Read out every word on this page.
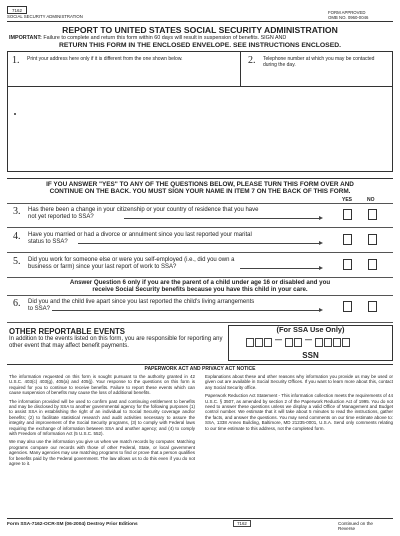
7162
SOCIAL SECURITY ADMINISTRATION
FORM APPROVED
OMB NO. 0960-0046
REPORT TO UNITED STATES SOCIAL SECURITY ADMINISTRATION
IMPORTANT: Failure to complete and return this form within 60 days will result in suspension of benefits. SIGN AND
RETURN THIS FORM IN THE ENCLOSED ENVELOPE. SEE INSTRUCTIONS ENCLOSED.
1. Print your address here only if it is different from the one shown below.	2. Telephone number at which you may be contacted during the day.
IF YOU ANSWER "YES" TO ANY OF THE QUESTIONS BELOW, PLEASE TURN THIS FORM OVER AND
CONTINUE ON THE BACK. YOU MUST SIGN YOUR NAME IN ITEM 7 ON THE BACK OF THIS FORM.
YES	NO
3. Has there been a change in your citizenship or your country of residence that you have
not yet reported to SSA?
4. Have you married or had a divorce or annulment since you last reported your marital
status to SSA?
5. Did you work for someone else or were you self-employed (i.e., did you own a
business or farm) since your last report of work to SSA?
Answer Question 6 only if you are the parent of a child under age 16 or disabled and you
receive Social Security benefits because you have this child in your care.
6. Did you and the child live apart since you last reported the child's living arrangements
to SSA?
OTHER REPORTABLE EVENTS
In addition to the events listed on this form, you are responsible for reporting any other event that may affect benefit payments.
(For SSA Use Only)
—	—
SSN
PAPERWORK ACT AND PRIVACY ACT NOTICE

The information requested on this form is sought pursuant to the authority granted in 42 U.S.C. 403(c) 403(g), 405(a) and 405(j). Your response to the questions on this form is required for you to continue to receive benefits. Failure to report these events which can cause suspension of benefits may cause the loss of additional benefits.

The information provided will be used to confirm past and continuing entitlement to benefits and may be disclosed by SSA to another governmental agency for the following purposes (1) to assist SSA in establishing the right of an individual to Social Security coverage and/or benefits; (2) to facilitate statistical research and audit activities necessary to assure the integrity and improvement of the Social Security programs, (3) to comply with Federal laws requiring the exchange of information between SSA and another agency; and (4) to comply with Freedom of Information Act (5 U.S.C. 552).

We may also use the information you give us when we match records by computer. Matching programs compare our records with those of other Federal, State, or local government agencies. Many agencies may use matching programs to find or prove that a person qualifies for benefits paid by the Federal government. The law allows us to do this even if you do not agree to it.

Explanations about these and other reasons why information you provide us may be used or given out are available in Social Security Offices. If you want to learn more about this, contact any Social Security office.

Paperwork Reduction Act Statement - This information collection meets the requirements of 44 U.S.C. § 3507, as amended by section 2 of the Paperwork Reduction Act of 1995. You do not need to answer these questions unless we display a valid Office of Management and Budget control number. We estimate that it will take about 5 minutes to read the instructions, gather the facts, and answer the questions. You may send comments on our time estimate above to: SSA, 1338 Annex Building, Baltimore, MD 21235-0001, U.S.A. Send only comments relating to our time estimate to this address, not the completed form.

Form SSA-7162-OCR-SM (06-2004) Destroy Prior Editions	7162	Continued on the Reverse
